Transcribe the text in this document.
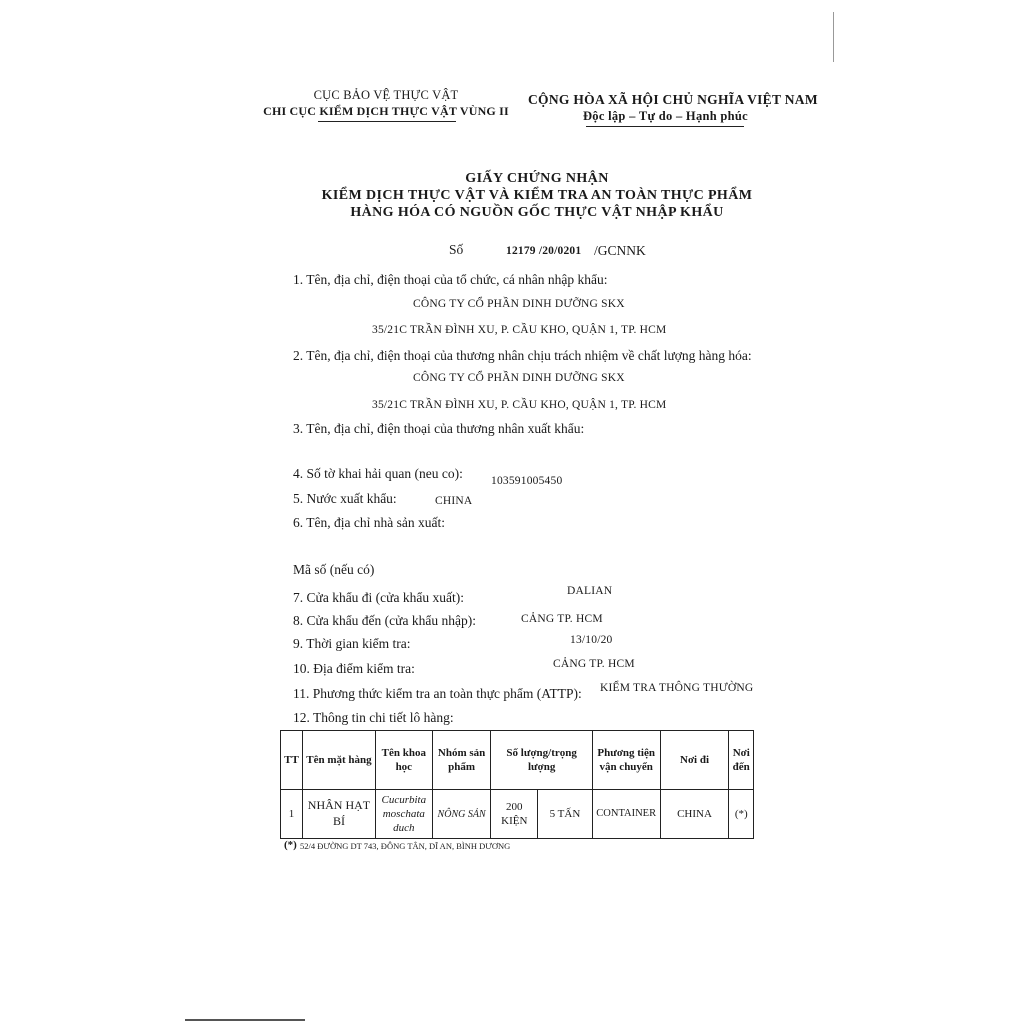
CỤC BẢO VỆ THỰC VẬT
CHI CỤC KIỂM DỊCH THỰC VẬT VÙNG II
CỘNG HÒA XÃ HỘI CHỦ NGHĨA VIỆT NAM
Độc lập – Tự do – Hạnh phúc
GIẤY CHỨNG NHẬN
KIỂM DỊCH THỰC VẬT VÀ KIỂM TRA AN TOÀN THỰC PHẨM
HÀNG HÓA CÓ NGUỒN GỐC THỰC VẬT NHẬP KHẨU
Số	12179 /20/0201 /GCNNK
1. Tên, địa chỉ, điện thoại của tổ chức, cá nhân nhập khẩu:
CÔNG TY CỔ PHẦN DINH DƯỠNG SKX
35/21C TRẦN ĐÌNH XU, P. CẦU KHO, QUẬN 1, TP. HCM
2. Tên, địa chỉ, điện thoại của thương nhân chịu trách nhiệm về chất lượng hàng hóa:
CÔNG TY CỔ PHẦN DINH DƯỠNG SKX
35/21C TRẦN ĐÌNH XU, P. CẦU KHO, QUẬN 1, TP. HCM
3. Tên, địa chỉ, điện thoại của thương nhân xuất khẩu:
4. Số tờ khai hải quan (neu co): 103591005450
5. Nước xuất khẩu:	CHINA
6. Tên, địa chỉ nhà sản xuất:
Mã số (nếu có)
DALIAN
7. Cửa khẩu đi (cửa khẩu xuất):
8. Cửa khẩu đến (cửa khẩu nhập):	CẢNG TP. HCM
13/10/20
9. Thời gian kiểm tra:
CẢNG TP. HCM
10. Địa điểm kiểm tra:
KIỂM TRA THÔNG THƯỜNG
11. Phương thức kiểm tra an toàn thực phẩm (ATTP):
12. Thông tin chi tiết lô hàng:
TT	Tên mặt hàng	Tên khoa học	Nhóm sản phẩm	Số lượng/trọng lượng		Phương tiện vận chuyển	Nơi đi	Nơi đến
1	NHÂN HẠT BÍ	Cucurbita moschata duch	NÔNG SẢN	200 KIỆN	5 TẤN	CONTAINER	CHINA	(*)
(*) 52/4 ĐƯỜNG DT 743, ĐÔNG TÂN, DĨ AN, BÌNH DƯƠNG
